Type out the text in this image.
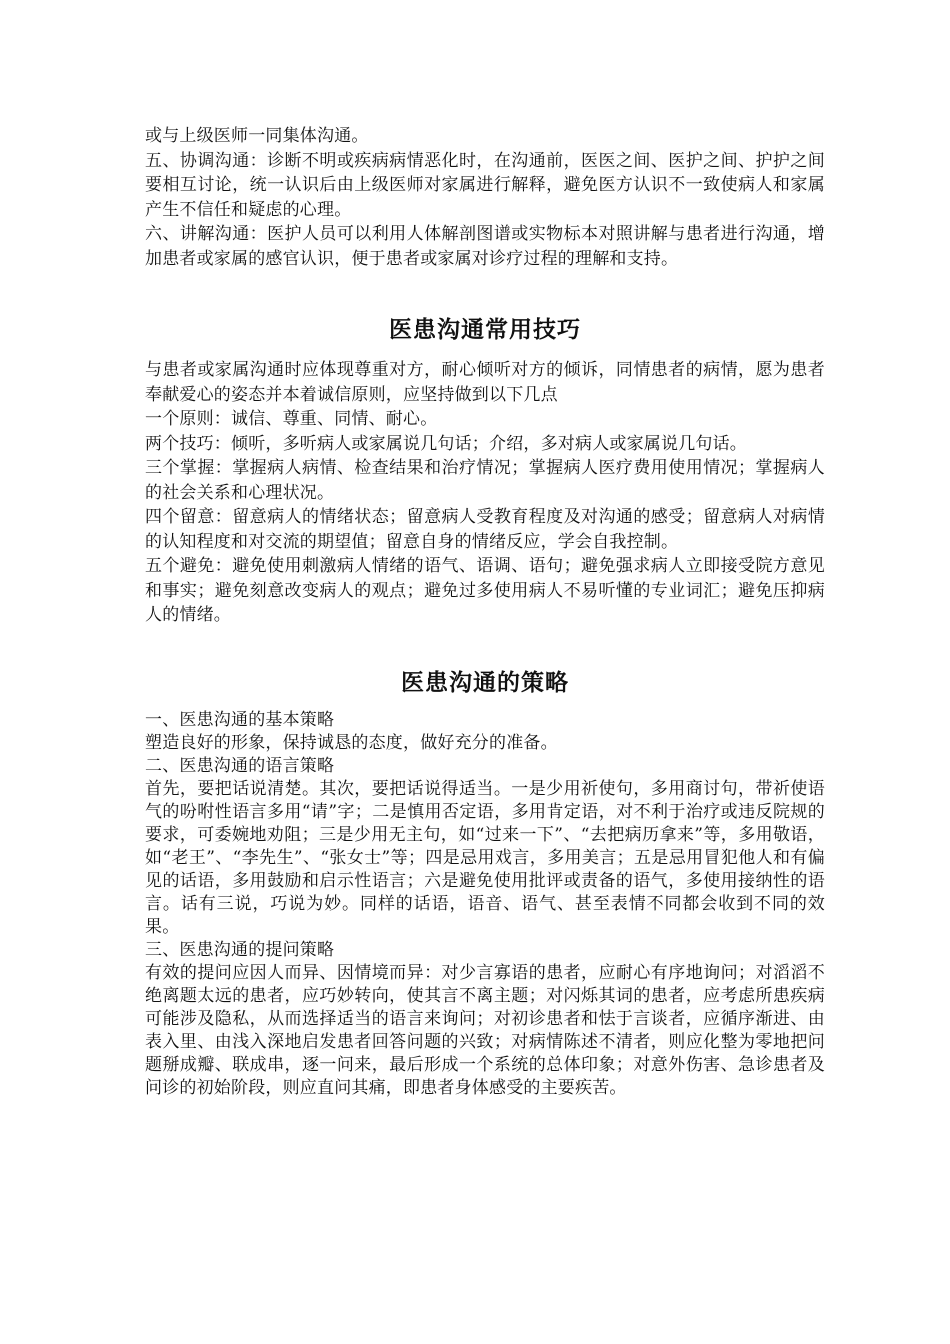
或与上级医师一同集体沟通。

五、协调沟通：诊断不明或疾病病情恶化时，在沟通前，医医之间、医护之间、护护之间要相互讨论，统一认识后由上级医师对家属进行解释，避免医方认识不一致使病人和家属产生不信任和疑虑的心理。

六、讲解沟通：医护人员可以利用人体解剖图谱或实物标本对照讲解与患者进行沟通，增加患者或家属的感官认识，便于患者或家属对诊疗过程的理解和支持。

医患沟通常用技巧

与患者或家属沟通时应体现尊重对方，耐心倾听对方的倾诉，同情患者的病情，愿为患者奉献爱心的姿态并本着诚信原则，应坚持做到以下几点

一个原则：诚信、尊重、同情、耐心。

两个技巧：倾听，多听病人或家属说几句话；介绍，多对病人或家属说几句话。

三个掌握：掌握病人病情、检查结果和治疗情况；掌握病人医疗费用使用情况；掌握病人的社会关系和心理状况。

四个留意：留意病人的情绪状态；留意病人受教育程度及对沟通的感受；留意病人对病情的认知程度和对交流的期望值；留意自身的情绪反应，学会自我控制。

五个避免：避免使用刺激病人情绪的语气、语调、语句；避免强求病人立即接受院方意见和事实；避免刻意改变病人的观点；避免过多使用病人不易听懂的专业词汇；避免压抑病人的情绪。

医患沟通的策略

一、医患沟通的基本策略

塑造良好的形象，保持诚恳的态度，做好充分的准备。

二、医患沟通的语言策略

首先，要把话说清楚。其次，要把话说得适当。一是少用祈使句，多用商讨句，带祈使语气的吩咐性语言多用“请”字；二是慎用否定语，多用肯定语，对不利于治疗或违反院规的要求，可委婉地劝阻；三是少用无主句，如“过来一下”、“去把病历拿来”等，多用敬语，如“老王”、“李先生”、“张女士”等；四是忌用戏言，多用美言；五是忌用冒犯他人和有偏见的话语，多用鼓励和启示性语言；六是避免使用批评或责备的语气，多使用接纳性的语言。话有三说，巧说为妙。同样的话语，语音、语气、甚至表情不同都会收到不同的效果。

三、医患沟通的提问策略

有效的提问应因人而异、因情境而异：对少言寡语的患者，应耐心有序地询问；对滔滔不绝离题太远的患者，应巧妙转向，使其言不离主题；对闪烁其词的患者，应考虑所患疾病可能涉及隐私，从而选择适当的语言来询问；对初诊患者和怯于言谈者，应循序渐进、由表入里、由浅入深地启发患者回答问题的兴致；对病情陈述不清者，则应化整为零地把问题掰成瓣、联成串，逐一问来，最后形成一个系统的总体印象；对意外伤害、急诊患者及问诊的初始阶段，则应直问其痛，即患者身体感受的主要疾苦。
